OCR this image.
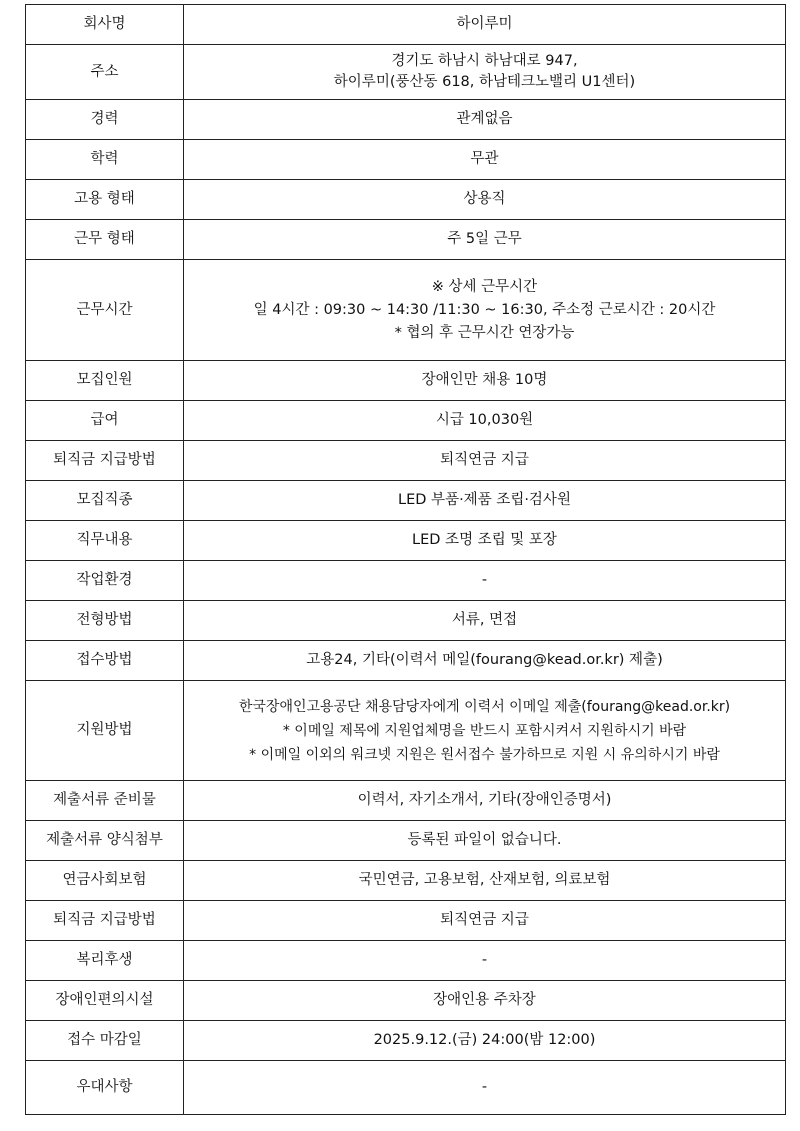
회사명	하이루미

주소	경기도 하남시 하남대로 947,
하이루미(풍산동 618, 하남테크노밸리 U1센터)

경력	관계없음

학력	무관

고용 형태	상용직

근무 형태	주 5일 근무

근무시간	※ 상세 근무시간
일 4시간 : 09:30 ~ 14:30 /11:30 ~ 16:30, 주소정 근로시간 : 20시간
* 협의 후 근무시간 연장가능

모집인원	장애인만 채용 10명

급여	시급 10,030원

퇴직금 지급방법	퇴직연금 지급

모집직종	LED 부품·제품 조립·검사원

직무내용	LED 조명 조립 및 포장

작업환경	-

전형방법	서류, 면접

접수방법	고용24, 기타(이력서 메일(fourang@kead.or.kr) 제출)

지원방법	한국장애인고용공단 채용담당자에게 이력서 이메일 제출(fourang@kead.or.kr)
* 이메일 제목에 지원업체명을 반드시 포함시켜서 지원하시기 바람
* 이메일 이외의 워크넷 지원은 원서접수 불가하므로 지원 시 유의하시기 바람

제출서류 준비물	이력서, 자기소개서, 기타(장애인증명서)

제출서류 양식첨부	등록된 파일이 없습니다.

연금사회보험	국민연금, 고용보험, 산재보험, 의료보험

퇴직금 지급방법	퇴직연금 지급

복리후생	-

장애인편의시설	장애인용 주차장

접수 마감일	2025.9.12.(금) 24:00(밤 12:00)

우대사항	-
